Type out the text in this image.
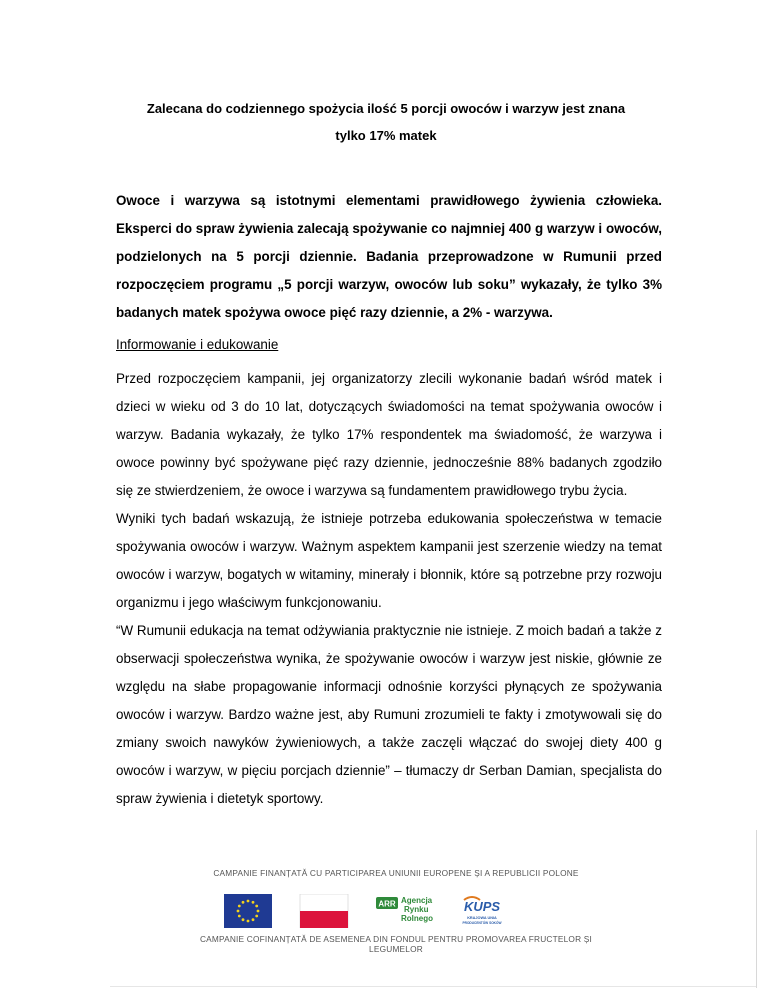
Zalecana do codziennego spożycia ilość 5 porcji owoców i warzyw jest znana
tylko 17% matek

Owoce i warzywa są istotnymi elementami prawidłowego żywienia człowieka. Eksperci do spraw żywienia zalecają spożywanie co najmniej 400 g warzyw i owoców, podzielonych na 5 porcji dziennie. Badania przeprowadzone w Rumunii przed rozpoczęciem programu „5 porcji warzyw, owoców lub soku” wykazały, że tylko 3% badanych matek spożywa owoce pięć razy dziennie, a 2% - warzywa.

Informowanie i edukowanie

Przed rozpoczęciem kampanii, jej organizatorzy zlecili wykonanie badań wśród matek i dzieci w wieku od 3 do 10 lat, dotyczących świadomości na temat spożywania owoców i warzyw. Badania wykazały, że tylko 17% respondentek ma świadomość, że warzywa i owoce powinny być spożywane pięć razy dziennie, jednocześnie 88% badanych zgodziło się ze stwierdzeniem, że owoce i warzywa są fundamentem prawidłowego trybu życia.

Wyniki tych badań wskazują, że istnieje potrzeba edukowania społeczeństwa w temacie spożywania owoców i warzyw. Ważnym aspektem kampanii jest szerzenie wiedzy na temat owoców i warzyw, bogatych w witaminy, minerały i błonnik, które są potrzebne przy rozwoju organizmu i jego właściwym funkcjonowaniu.

“W Rumunii edukacja na temat odżywiania praktycznie nie istnieje. Z moich badań a także z obserwacji społeczeństwa wynika, że spożywanie owoców i warzyw jest niskie, głównie ze względu na słabe propagowanie informacji odnośnie korzyści płynących ze spożywania owoców i warzyw. Bardzo ważne jest, aby Rumuni zrozumieli te fakty i zmotywowali się do zmiany swoich nawyków żywieniowych, a także zaczęli włączać do swojej diety 400 g owoców i warzyw, w pięciu porcjach dziennie” – tłumaczy dr Serban Damian, specjalista do spraw żywienia i dietetyk sportowy.

CAMPANIE FINANȚATĂ CU PARTICIPAREA UNIUNII EUROPENE ȘI A REPUBLICII POLONE
ARR Agencja
Rynku
Rolnego
KUPS
KRAJOWA UNIA
PRODUCENTÓW SOKÓW
CAMPANIE COFINANȚATĂ DE ASEMENEA DIN FONDUL PENTRU PROMOVAREA FRUCTELOR ȘI LEGUMELOR
